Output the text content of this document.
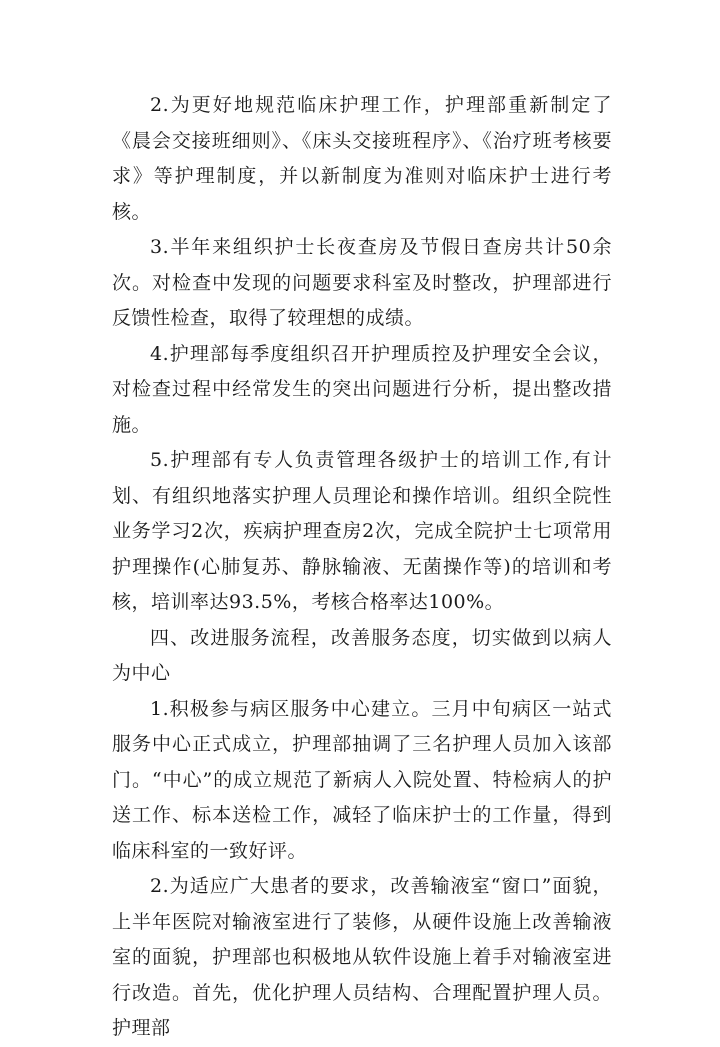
2.为更好地规范临床护理工作，护理部重新制定了《晨会交接班细则》、《床头交接班程序》、《治疗班考核要求》等护理制度，并以新制度为准则对临床护士进行考核。

3.半年来组织护士长夜查房及节假日查房共计50余次。对检查中发现的问题要求科室及时整改，护理部进行反馈性检查，取得了较理想的成绩。

4.护理部每季度组织召开护理质控及护理安全会议，对检查过程中经常发生的突出问题进行分析，提出整改措施。

5.护理部有专人负责管理各级护士的培训工作,有计划、有组织地落实护理人员理论和操作培训。组织全院性业务学习2次，疾病护理查房2次，完成全院护士七项常用护理操作(心肺复苏、静脉输液、无菌操作等)的培训和考核，培训率达93.5%，考核合格率达100%。

四、改进服务流程，改善服务态度，切实做到以病人为中心

1.积极参与病区服务中心建立。三月中旬病区一站式服务中心正式成立，护理部抽调了三名护理人员加入该部门。“中心”的成立规范了新病人入院处置、特检病人的护送工作、标本送检工作，减轻了临床护士的工作量，得到临床科室的一致好评。

2.为适应广大患者的要求，改善输液室“窗口”面貌，上半年医院对输液室进行了装修，从硬件设施上改善输液室的面貌，护理部也积极地从软件设施上着手对输液室进行改造。首先，优化护理人员结构、合理配置护理人员。护理部
